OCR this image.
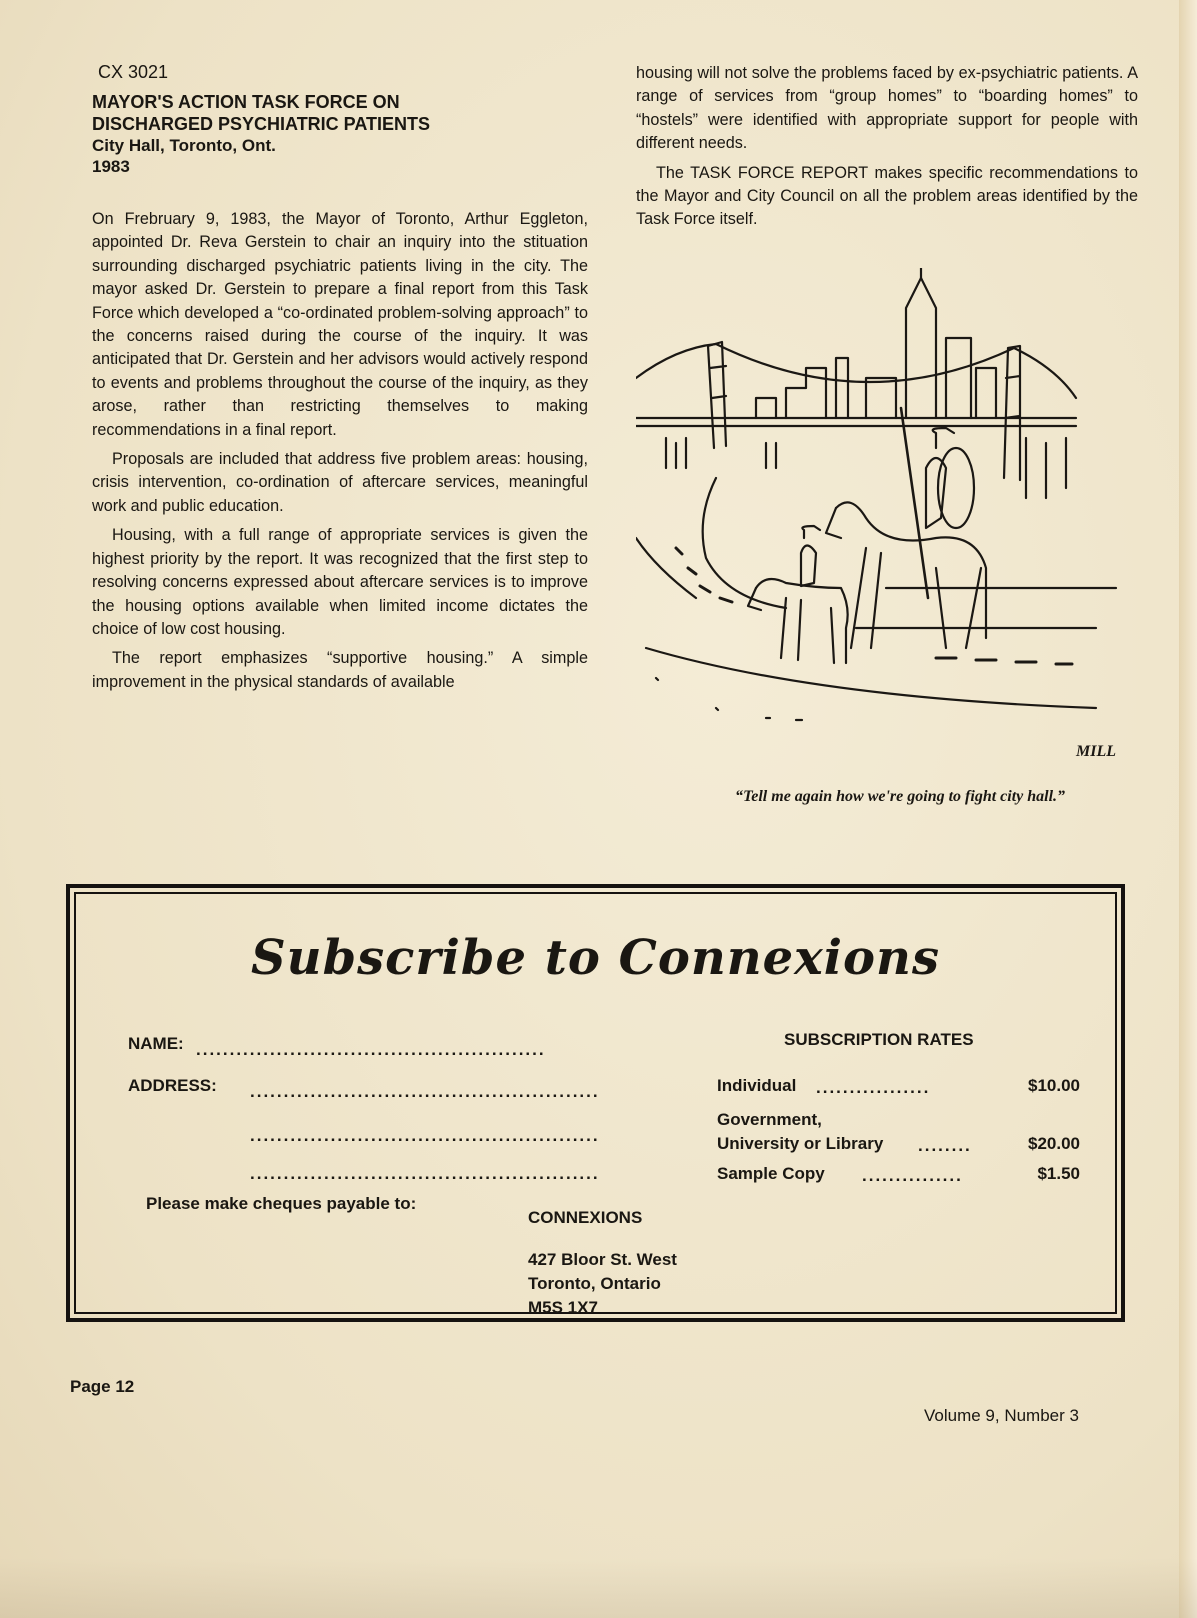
CX 3021
MAYOR'S ACTION TASK FORCE ON
DISCHARGED PSYCHIATRIC PATIENTS
City Hall, Toronto, Ont.
1983

On Frebruary 9, 1983, the Mayor of Toronto, Arthur Eggleton, appointed Dr. Reva Gerstein to chair an inquiry into the stituation surrounding discharged psychiatric patients living in the city. The mayor asked Dr. Gerstein to prepare a final report from this Task Force which developed a “co-ordinated problem-solving approach” to the concerns raised during the course of the inquiry. It was anticipated that Dr. Gerstein and her advisors would actively respond to events and problems throughout the course of the inquiry, as they arose, rather than restricting themselves to making recommendations in a final report.

Proposals are included that address five problem areas: housing, crisis intervention, co-ordination of aftercare services, meaningful work and public education.

Housing, with a full range of appropriate services is given the highest priority by the report. It was recognized that the first step to resolving concerns expressed about aftercare services is to improve the housing options available when limited income dictates the choice of low cost housing.

The report emphasizes “supportive housing.” A simple improvement in the physical standards of available

housing will not solve the problems faced by ex-psychiatric patients. A range of services from “group homes” to “boarding homes” to “hostels” were identified with appropriate support for people with different needs.

The TASK FORCE REPORT makes specific recommendations to the Mayor and City Council on all the problem areas identified by the Task Force itself.

MILL
“Tell me again how we're going to fight city hall.”
Subscribe to Connexions
NAME: ....................................................
ADDRESS: ....................................................
....................................................
....................................................
Please make cheques payable to:
SUBSCRIPTION RATES
Individual .................	$10.00
Government,
University or Library ........	$20.00
Sample Copy ...............	$1.50
CONNEXIONS
427 Bloor St. West
Toronto, Ontario
M5S 1X7
Page 12
Volume 9, Number 3
